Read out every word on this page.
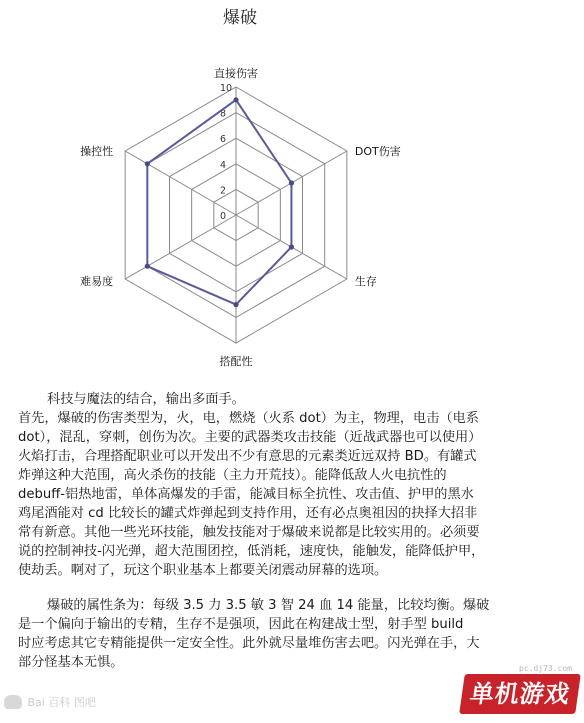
爆破
0
2
4
6
8
10
直接伤害
DOT伤害
生存
搭配性
难易度
操控性

科技与魔法的结合，输出多面手。

首先，爆破的伤害类型为，火，电，燃烧（火系 dot）为主，物理，电击（电系

dot），混乱，穿刺，创伤为次。主要的武器类攻击技能（近战武器也可以使用）

火焰打击，合理搭配职业可以开发出不少有意思的元素类近远双持 BD。有罐式

炸弹这种大范围，高火杀伤的技能（主力开荒技）。能降低敌人火电抗性的

debuff-铝热地雷，单体高爆发的手雷，能减目标全抗性、攻击值、护甲的黑水

鸡尾酒能对 cd 比较长的罐式炸弹起到支持作用，还有必点奥祖因的抉择大招非

常有新意。其他一些光环技能，触发技能对于爆破来说都是比较实用的。必须要

说的控制神技-闪光弹，超大范围团控，低消耗，速度快，能触发，能降低护甲，

使劫丢。啊对了，玩这个职业基本上都要关闭震动屏幕的选项。

爆破的属性条为：每级 3.5 力 3.5 敏 3 智 24 血 14 能量，比较均衡。爆破

是一个偏向于输出的专精，生存不是强项，因此在构建战士型，射手型 build

时应考虑其它专精能提供一定安全性。此外就尽量堆伤害去吧。闪光弹在手，大

部分怪基本无惧。

Bai 百科 图吧
pc.dj73.com
单机游戏
